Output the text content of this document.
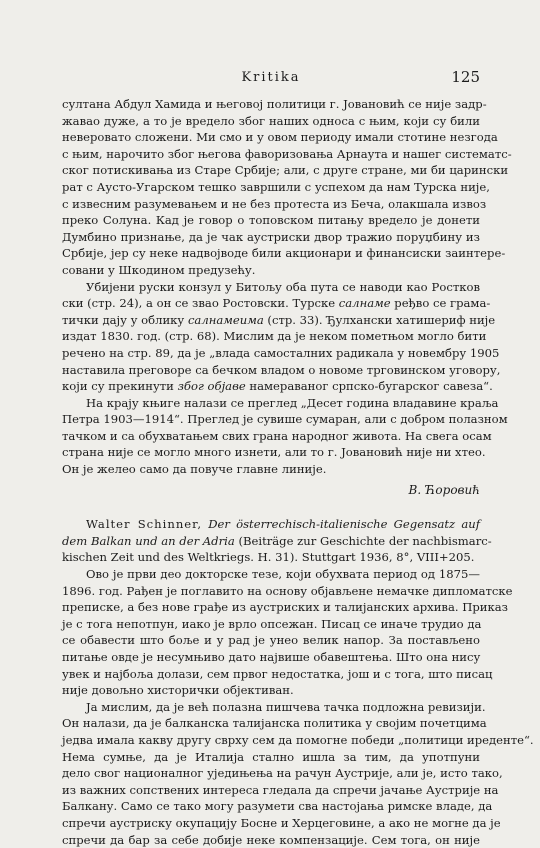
Kritika	125
султана Абдул Хамида и његовој политици г. Јовановић се није задр-
жавао дуже, а то је вредело због наших односа с њим, који су били
неверовато сложени. Ми смо и у овом периоду имали стотине незгода
с њим, нарочито због његова фаворизовања Арнаута и нашег систематс-
ског потискивања из Старе Србије; али, с друге стране, ми би царински
рат с Аусто-Угарском тешко завршили с успехом да нам Турска није,
с извесним разумевањем и не без протеста из Беча, олакшала извоз
преко Солуна. Кад је говор о топовском питању вредело је донети
Думбино признање, да је чак аустриски двор тражио поруџбину из
Србије, јер су неке надвојводе били акционари и финансиски заинтере-
совани у Шкодином предузећу.
Убијени руски конзул у Битољу оба пута се наводи као Ростков
ски (стр. 24), а он се звао Ростовски. Турске салнаме ређво се грама-
тички дају у облику салнамеима (стр. 33). Ђулхански хатишериф није
издат 1830. год. (стр. 68). Мислим да је неком пометњом могло бити
речено на стр. 89, да је „влада самосталних радикала у новембру 1905
наставила преговоре са бечком владом о новоме трговинском уговору,
који су прекинути због објаве намераваног српско-бугарског савеза“.
На крају књиге налази се преглед „Десет година владавине краља
Петра 1903—1914“. Преглед је сувише сумаран, али с добром полазном
тачком и са обухватањем свих грана народног живота. На свега осам
страна није се могло много изнети, али то г. Јовановић није ни хтео.
Он је желео само да повуче главне линије.
В. Ћоровић
Walter Schinner, Der österrechisch-italienische Gegensatz auf
dem Balkan und an der Adria (Beiträge zur Geschichte der nachbismarc-
kischen Zeit und des Weltkriegs. H. 31). Stuttgart 1936, 8°, VIII+205.
Ово је први део докторске тезе, који обухвата период од 1875—
1896. год. Рађен је поглавито на основу објављене немачке дипломатске
преписке, а без нове грађе из аустриских и талијанских архива. Приказ
је с тога непотпун, иако је врло опсежан. Писац се иначе трудио да
се обавести што боље и у рад је унео велик напор. За постављено
питање овде је несумњиво дато највише обавештења. Што она нису
увек и најбоља долази, сем првог недостатка, још и с тога, што писац
није довољно хисторички објективан.
Ја мислим, да је већ полазна пишчева тачка подложна ревизији.
Он налази, да је балканска талијанска политика у својим почетцима
једва имала какву другу сврху сем да помогне победи „политици иреденте“.
Нема сумње, да је Италија стално ишла за тим, да употпуни
дело свог националног уједињења на рачун Аустрије, али је, исто тако,
из важних сопствених интереса гледала да спречи јачање Аустрије на
Балкану. Само се тако могу разумети сва настојања римске владе, да
спречи аустриску окупацију Босне и Херцеговине, а ако не могне да је
спречи да бар за себе добије неке компензације. Сем тога, он није
